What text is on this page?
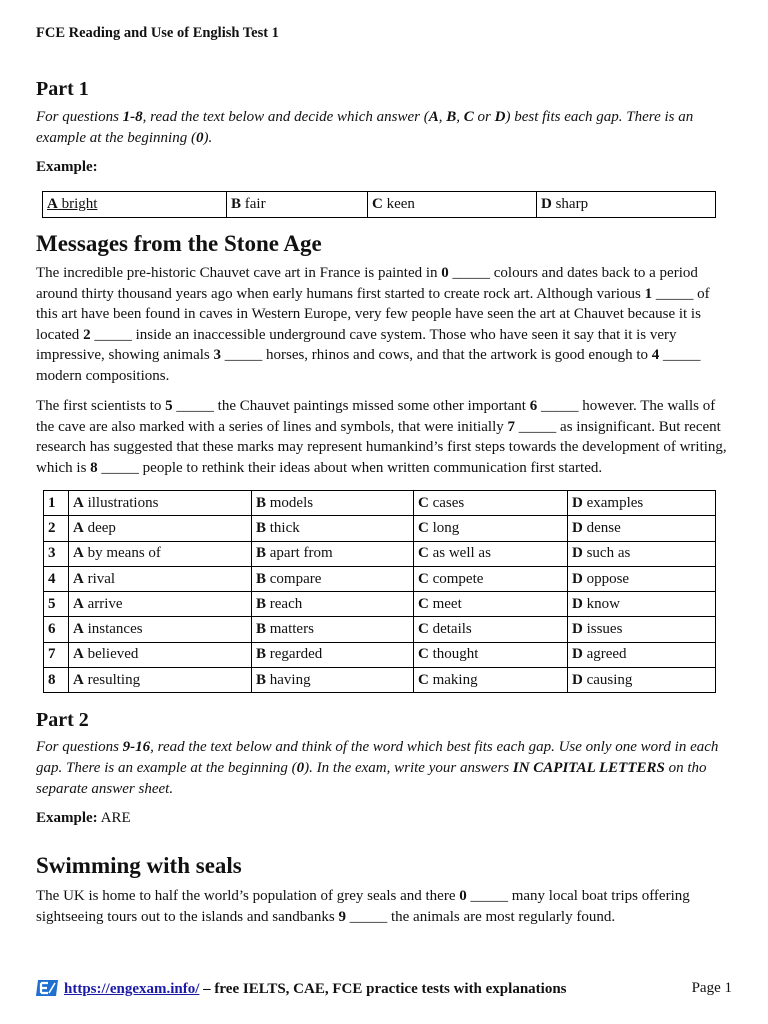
FCE Reading and Use of English Test 1
Part 1

For questions 1-8, read the text below and decide which answer (A, B, C or D) best fits each gap. There is an example at the beginning (0).

Example:
A bright	B fair	C keen	D sharp
Messages from the Stone Age

The incredible pre-historic Chauvet cave art in France is painted in 0 _____ colours and dates back to a period around thirty thousand years ago when early humans first started to create rock art. Although various 1 _____ of this art have been found in caves in Western Europe, very few people have seen the art at Chauvet because it is located 2 _____ inside an inaccessible underground cave system. Those who have seen it say that it is very impressive, showing animals 3 _____ horses, rhinos and cows, and that the artwork is good enough to 4 _____ modern compositions.

The first scientists to 5 _____ the Chauvet paintings missed some other important 6 _____ however. The walls of the cave are also marked with a series of lines and symbols, that were initially 7 _____ as insignificant. But recent research has suggested that these marks may represent humankind’s first steps towards the development of writing, which is 8 _____ people to rethink their ideas about when written communication first started.

1	A illustrations	B models	C cases	D examples
2	A deep	B thick	C long	D dense
3	A by means of	B apart from	C as well as	D such as
4	A rival	B compare	C compete	D oppose
5	A arrive	B reach	C meet	D know
6	A instances	B matters	C details	D issues
7	A believed	B regarded	C thought	D agreed
8	A resulting	B having	C making	D causing
Part 2

For questions 9-16, read the text below and think of the word which best fits each gap. Use only one word in each gap. There is an example at the beginning (0). In the exam, write your answers IN CAPITAL LETTERS on tho separate answer sheet.

Example: ARE
Swimming with seals

The UK is home to half the world’s population of grey seals and there 0 _____ many local boat trips offering sightseeing tours out to the islands and sandbanks 9 _____ the animals are most regularly found.

https://engexam.info/ – free IELTS, CAE, FCE practice tests with explanations	Page 1
